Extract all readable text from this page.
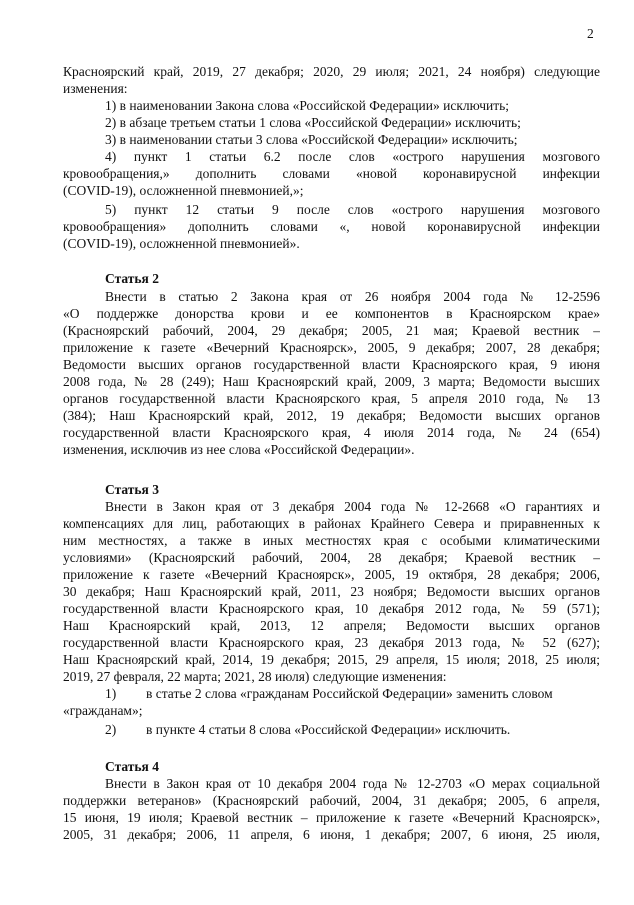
2
Красноярский край, 2019, 27 декабря; 2020, 29 июля; 2021, 24 ноября) следующие
изменения:
1) в наименовании Закона слова «Российской Федерации» исключить;
2) в абзаце третьем статьи 1 слова «Российской Федерации» исключить;
3) в наименовании статьи 3 слова «Российской Федерации» исключить;
4) пункт 1 статьи 6.2 после слов «острого нарушения мозгового
кровообращения,» дополнить словами «новой коронавирусной инфекции
(COVID-19), осложненной пневмонией,»;
5) пункт 12 статьи 9 после слов «острого нарушения мозгового
кровообращения» дополнить словами «, новой коронавирусной инфекции
(COVID-19), осложненной пневмонией».
Статья 2
Внести в статью 2 Закона края от 26 ноября 2004 года № 12-2596
«О поддержке донорства крови и ее компонентов в Красноярском крае»
(Красноярский рабочий, 2004, 29 декабря; 2005, 21 мая; Краевой вестник –
приложение к газете «Вечерний Красноярск», 2005, 9 декабря; 2007, 28 декабря;
Ведомости высших органов государственной власти Красноярского края, 9 июня
2008 года, № 28 (249); Наш Красноярский край, 2009, 3 марта; Ведомости высших
органов государственной власти Красноярского края, 5 апреля 2010 года, № 13
(384); Наш Красноярский край, 2012, 19 декабря; Ведомости высших органов
государственной власти Красноярского края, 4 июля 2014 года, № 24 (654)
изменения, исключив из нее слова «Российской Федерации».
Статья 3
Внести в Закон края от 3 декабря 2004 года № 12-2668 «О гарантиях и
компенсациях для лиц, работающих в районах Крайнего Севера и приравненных к
ним местностях, а также в иных местностях края с особыми климатическими
условиями» (Красноярский рабочий, 2004, 28 декабря; Краевой вестник –
приложение к газете «Вечерний Красноярск», 2005, 19 октября, 28 декабря; 2006,
30 декабря; Наш Красноярский край, 2011, 23 ноября; Ведомости высших органов
государственной власти Красноярского края, 10 декабря 2012 года, № 59 (571);
Наш Красноярский край, 2013, 12 апреля; Ведомости высших органов
государственной власти Красноярского края, 23 декабря 2013 года, № 52 (627);
Наш Красноярский край, 2014, 19 декабря; 2015, 29 апреля, 15 июля; 2018, 25 июля;
2019, 27 февраля, 22 марта; 2021, 28 июля) следующие изменения:
1) в статье 2 слова «гражданам Российской Федерации» заменить словом
«гражданам»;
2) в пункте 4 статьи 8 слова «Российской Федерации» исключить.
Статья 4
Внести в Закон края от 10 декабря 2004 года № 12-2703 «О мерах социальной
поддержки ветеранов» (Красноярский рабочий, 2004, 31 декабря; 2005, 6 апреля,
15 июня, 19 июля; Краевой вестник – приложение к газете «Вечерний Красноярск»,
2005, 31 декабря; 2006, 11 апреля, 6 июня, 1 декабря; 2007, 6 июня, 25 июля,
